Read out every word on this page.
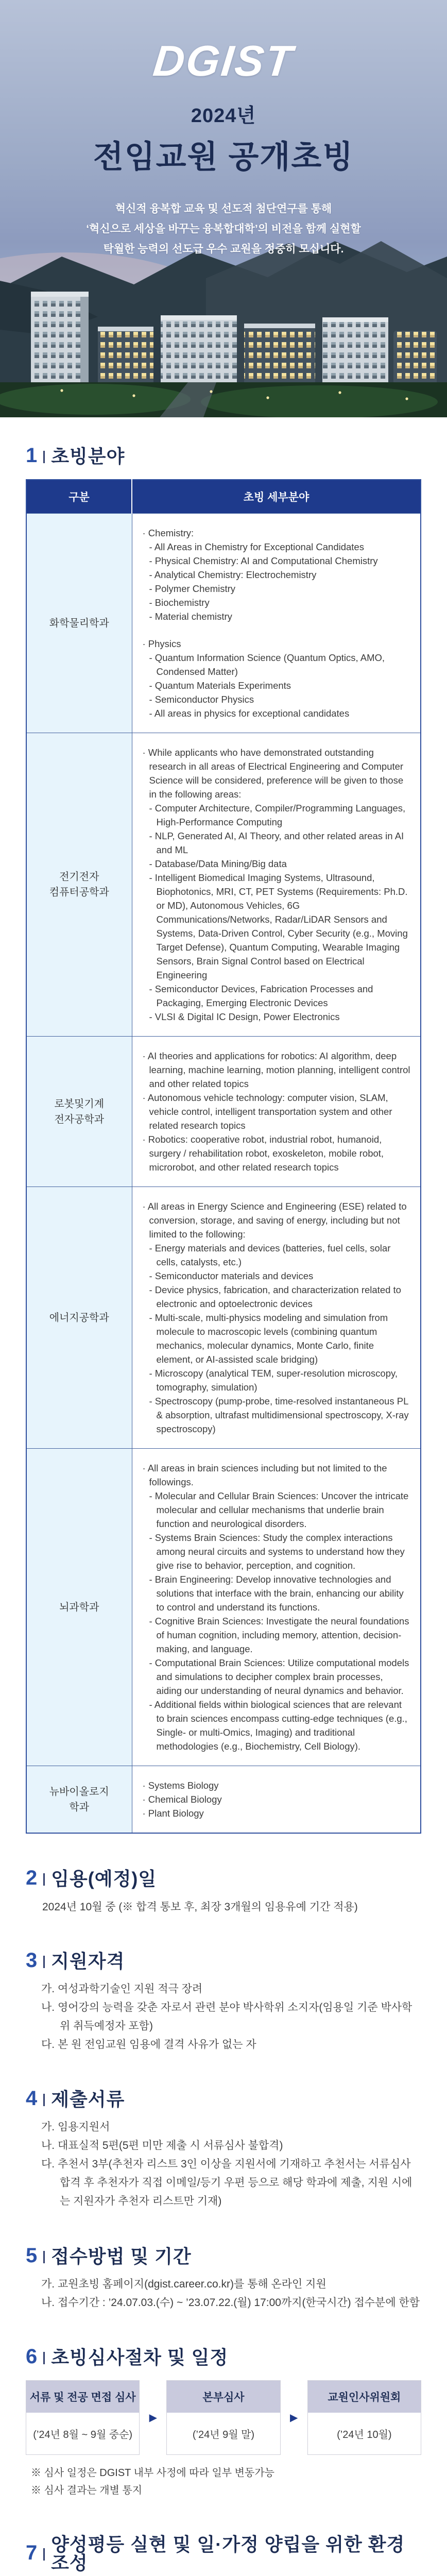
DGIST
2024년
전임교원 공개초빙
혁신적 융복합 교육 및 선도적 첨단연구를 통해
‘혁신으로 세상을 바꾸는 융복합대학’의 비전을 함께 실현할
탁월한 능력의 선도급 우수 교원을 정중히 모십니다.
1 초빙분야
구분	초빙 세부분야
화학물리학과	
· Chemistry:
- All Areas in Chemistry for Exceptional Candidates
- Physical Chemistry: AI and Computational Chemistry
- Analytical Chemistry: Electrochemistry
- Polymer Chemistry
- Biochemistry
- Material chemistry
· Physics
- Quantum Information Science (Quantum Optics, AMO, Condensed Matter)
- Quantum Materials Experiments
- Semiconductor Physics
- All areas in physics for exceptional candidates

전기전자
컴퓨터공학과	
· While applicants who have demonstrated outstanding research in all areas of Electrical Engineering and Computer Science will be considered, preference will be given to those in the following areas:
- Computer Architecture, Compiler/Programming Languages, High-Performance Computing
- NLP, Generated AI, AI Theory, and other related areas in AI and ML
- Database/Data Mining/Big data
- Intelligent Biomedical Imaging Systems, Ultrasound, Biophotonics, MRI, CT, PET Systems (Requirements: Ph.D. or MD), Autonomous Vehicles, 6G Communications/Networks, Radar/LiDAR Sensors and Systems, Data-Driven Control, Cyber Security (e.g., Moving Target Defense), Quantum Computing, Wearable Imaging Sensors, Brain Signal Control based on Electrical Engineering
- Semiconductor Devices, Fabrication Processes and Packaging, Emerging Electronic Devices
- VLSI & Digital IC Design, Power Electronics

로봇및기계
전자공학과	
· AI theories and applications for robotics: AI algorithm, deep learning, machine learning, motion planning, intelligent control and other related topics
· Autonomous vehicle technology: computer vision, SLAM, vehicle control, intelligent transportation system and other related research topics
· Robotics: cooperative robot, industrial robot, humanoid, surgery / rehabilitation robot, exoskeleton, mobile robot, microrobot, and other related research topics

에너지공학과	
· All areas in Energy Science and Engineering (ESE) related to conversion, storage, and saving of energy, including but not limited to the following:
- Energy materials and devices (batteries, fuel cells, solar cells, catalysts, etc.)
- Semiconductor materials and devices
- Device physics, fabrication, and characterization related to electronic and optoelectronic devices
- Multi-scale, multi-physics modeling and simulation from molecule to macroscopic levels (combining quantum mechanics, molecular dynamics, Monte Carlo, finite element, or AI-assisted scale bridging)
- Microscopy (analytical TEM, super-resolution microscopy, tomography, simulation)
- Spectroscopy (pump-probe, time-resolved instantaneous PL & absorption, ultrafast multidimensional spectroscopy, X-ray spectroscopy)

뇌과학과	
· All areas in brain sciences including but not limited to the followings.
- Molecular and Cellular Brain Sciences: Uncover the intricate molecular and cellular mechanisms that underlie brain function and neurological disorders.
- Systems Brain Sciences: Study the complex interactions among neural circuits and systems to understand how they give rise to behavior, perception, and cognition.
- Brain Engineering: Develop innovative technologies and solutions that interface with the brain, enhancing our ability to control and understand its functions.
- Cognitive Brain Sciences: Investigate the neural foundations of human cognition, including memory, attention, decision-making, and language.
- Computational Brain Sciences: Utilize computational models and simulations to decipher complex brain processes, aiding our understanding of neural dynamics and behavior.
- Additional fields within biological sciences that are relevant to brain sciences encompass cutting-edge techniques (e.g., Single- or multi-Omics, Imaging) and traditional methodologies (e.g., Biochemistry, Cell Biology).

뉴바이올로지
학과	
· Systems Biology
· Chemical Biology
· Plant Biology
2 임용(예정)일
2024년 10월 중 (※ 합격 통보 후, 최장 3개월의 임용유예 기간 적용)
3 지원자격
가. 여성과학기술인 지원 적극 장려
나. 영어강의 능력을 갖춘 자로서 관련 분야 박사학위 소지자(임용일 기준 박사학위 취득예정자 포함)
다. 본 원 전임교원 임용에 결격 사유가 없는 자
4 제출서류
가. 임용지원서
나. 대표실적 5편(5편 미만 제출 시 서류심사 불합격)
다. 추천서 3부(추천자 리스트 3인 이상을 지원서에 기재하고 추천서는 서류심사 합격 후 추천자가 직접 이메일/등기 우편 등으로 해당 학과에 제출, 지원 시에는 지원자가 추천자 리스트만 기재)
5 접수방법 및 기간
가. 교원초빙 홈페이지(dgist.career.co.kr)를 통해 온라인 지원
나. 접수기간 : ’24.07.03.(수) ~ ’23.07.22.(월) 17:00까지(한국시간) 접수분에 한함
6 초빙심사절차 및 일정
서류 및 전공 면접 심사
(’24년 8월 ~ 9월 중순)
▶
본부심사
(’24년 9월 말)
▶
교원인사위원회
(’24년 10월)
※ 심사 일정은 DGIST 내부 사정에 따라 일부 변동가능
※ 심사 결과는 개별 통지
7 양성평등 실현 및 일·가정 양립을 위한 환경조성
